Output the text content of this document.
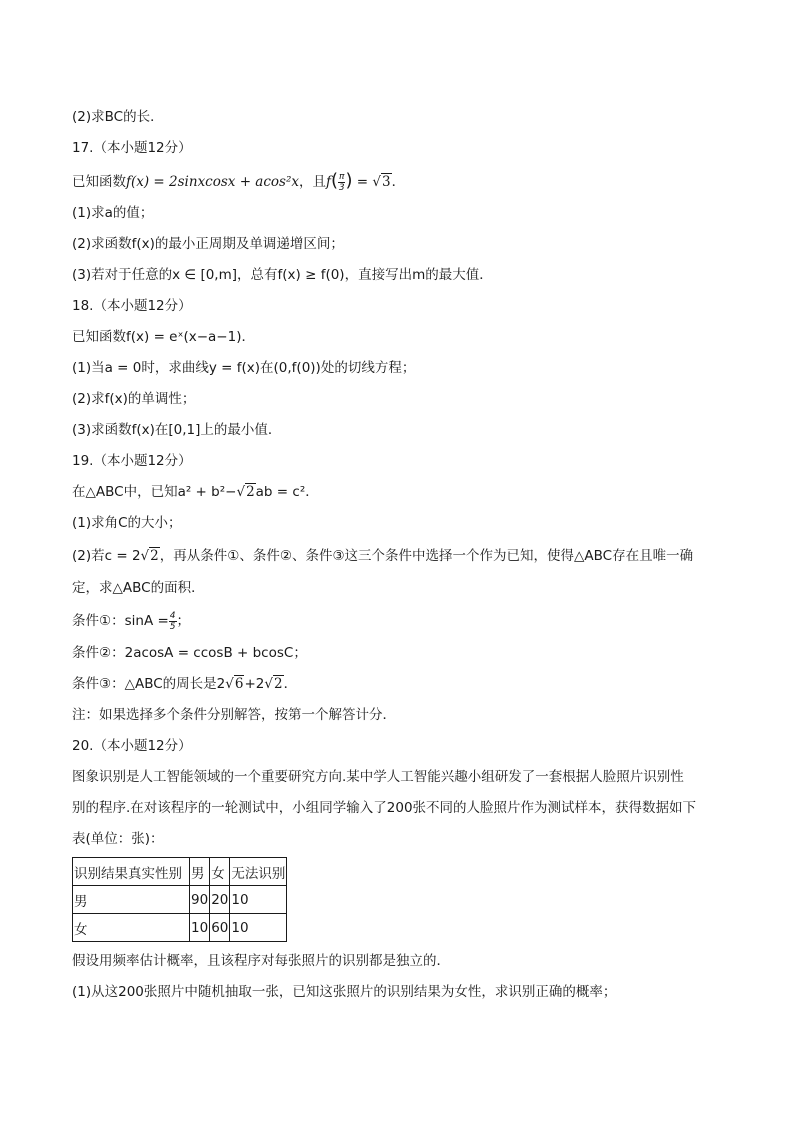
(2)求BC的长．
17.（本小题12分）
已知函数f(x) = 2sinxcosx + acos²x，且$f( \frac{\pi}{3}$ ) = √3．
(1)求a的值；
(2)求函数f(x)的最小正周期及单调递增区间；
(3)若对于任意的x ∈ [0,m]，总有f(x) ≥ f(0)，直接写出m的最大值．
18.（本小题12分）
已知函数f(x) = eˣ(x−a−1)．
(1)当a = 0时，求曲线y = f(x)在(0,f(0))处的切线方程；
(2)求f(x)的单调性；
(3)求函数f(x)在[0,1]上的最小值．
19.（本小题12分）
在△ABC中，已知a² + b²−√2ab = c²．
(1)求角C的大小；
(2)若c = 2√2，再从条件①、条件②、条件③这三个条件中选择一个作为已知，使得△ABC存在且唯一确
定，求△ABC的面积．
条件①：$\sin A = \frac{4}{5}$ ；
条件②：2acosA = ccosB + bcosC；
条件③：△ABC的周长是2√6+2√2．
注：如果选择多个条件分别解答，按第一个解答计分．
20.（本小题12分）
图象识别是人工智能领域的一个重要研究方向.某中学人工智能兴趣小组研发了一套根据人脸照片识别性
别的程序.在对该程序的一轮测试中，小组同学输入了200张不同的人脸照片作为测试样本，获得数据如下
表(单位：张)：
识别结果真实性别	男	女	无法识别
男	90	20	10
女	10	60	10
假设用频率估计概率，且该程序对每张照片的识别都是独立的．
(1)从这200张照片中随机抽取一张，已知这张照片的识别结果为女性，求识别正确的概率；
